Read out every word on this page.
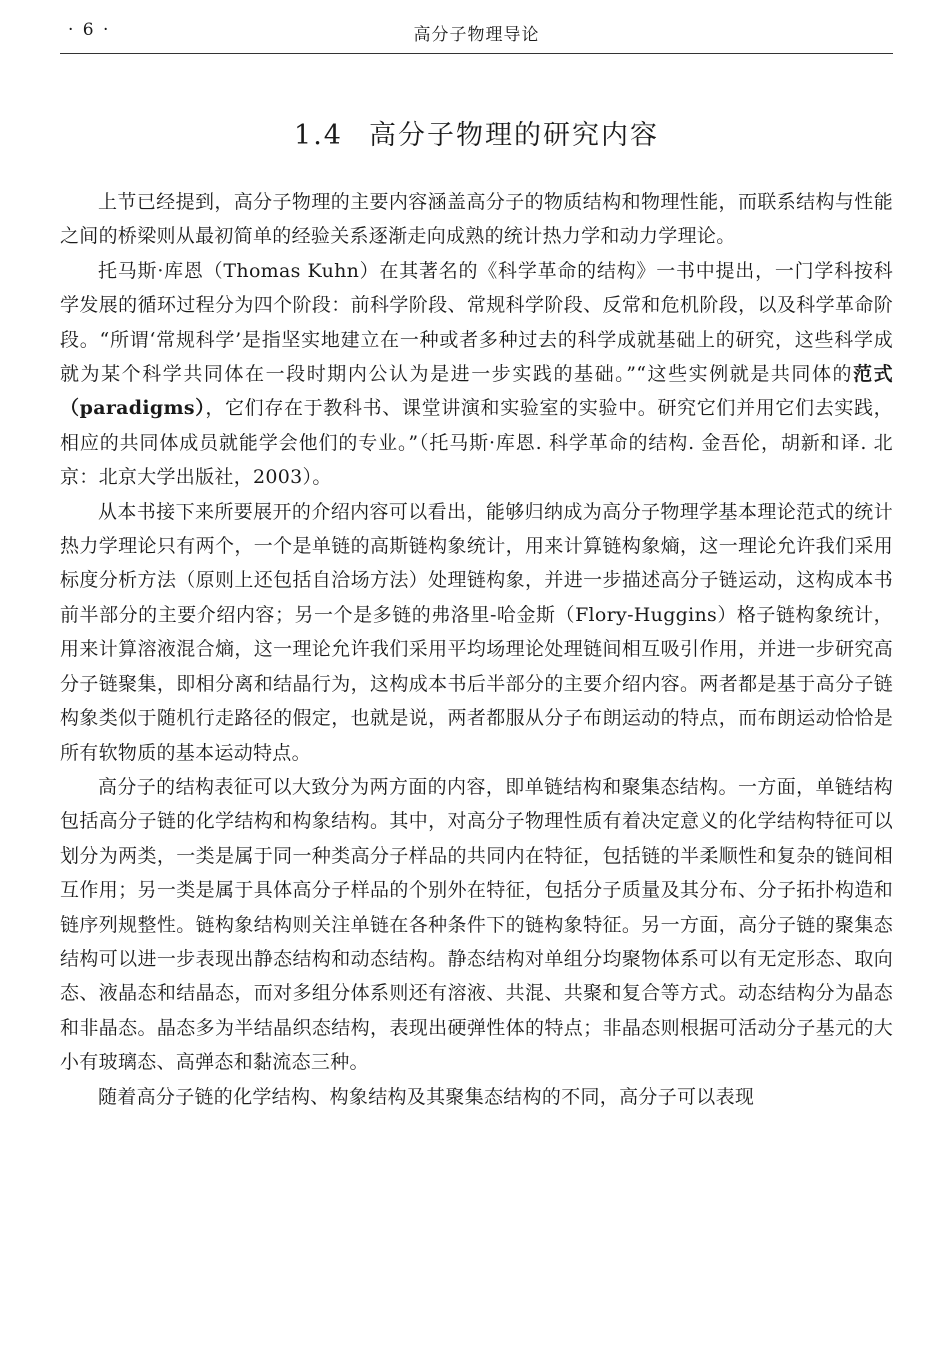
· 6 ·	高分子物理导论
1.4 高分子物理的研究内容

上节已经提到，高分子物理的主要内容涵盖高分子的物质结构和物理性能，而联系结构与性能之间的桥梁则从最初简单的经验关系逐渐走向成熟的统计热力学和动力学理论。

托马斯·库恩（Thomas Kuhn）在其著名的《科学革命的结构》一书中提出，一门学科按科学发展的循环过程分为四个阶段：前科学阶段、常规科学阶段、反常和危机阶段，以及科学革命阶段。“所谓‘常规科学’是指坚实地建立在一种或者多种过去的科学成就基础上的研究，这些科学成就为某个科学共同体在一段时期内公认为是进一步实践的基础。”“这些实例就是共同体的范式（paradigms），它们存在于教科书、课堂讲演和实验室的实验中。研究它们并用它们去实践，相应的共同体成员就能学会他们的专业。”（托马斯·库恩. 科学革命的结构. 金吾伦，胡新和译. 北京：北京大学出版社，2003）。

从本书接下来所要展开的介绍内容可以看出，能够归纳成为高分子物理学基本理论范式的统计热力学理论只有两个，一个是单链的高斯链构象统计，用来计算链构象熵，这一理论允许我们采用标度分析方法（原则上还包括自洽场方法）处理链构象，并进一步描述高分子链运动，这构成本书前半部分的主要介绍内容；另一个是多链的弗洛里-哈金斯（Flory-Huggins）格子链构象统计，用来计算溶液混合熵，这一理论允许我们采用平均场理论处理链间相互吸引作用，并进一步研究高分子链聚集，即相分离和结晶行为，这构成本书后半部分的主要介绍内容。两者都是基于高分子链构象类似于随机行走路径的假定，也就是说，两者都服从分子布朗运动的特点，而布朗运动恰恰是所有软物质的基本运动特点。

高分子的结构表征可以大致分为两方面的内容，即单链结构和聚集态结构。一方面，单链结构包括高分子链的化学结构和构象结构。其中，对高分子物理性质有着决定意义的化学结构特征可以划分为两类，一类是属于同一种类高分子样品的共同内在特征，包括链的半柔顺性和复杂的链间相互作用；另一类是属于具体高分子样品的个别外在特征，包括分子质量及其分布、分子拓扑构造和链序列规整性。链构象结构则关注单链在各种条件下的链构象特征。另一方面，高分子链的聚集态结构可以进一步表现出静态结构和动态结构。静态结构对单组分均聚物体系可以有无定形态、取向态、液晶态和结晶态，而对多组分体系则还有溶液、共混、共聚和复合等方式。动态结构分为晶态和非晶态。晶态多为半结晶织态结构，表现出硬弹性体的特点；非晶态则根据可活动分子基元的大小有玻璃态、高弹态和黏流态三种。

随着高分子链的化学结构、构象结构及其聚集态结构的不同，高分子可以表现
